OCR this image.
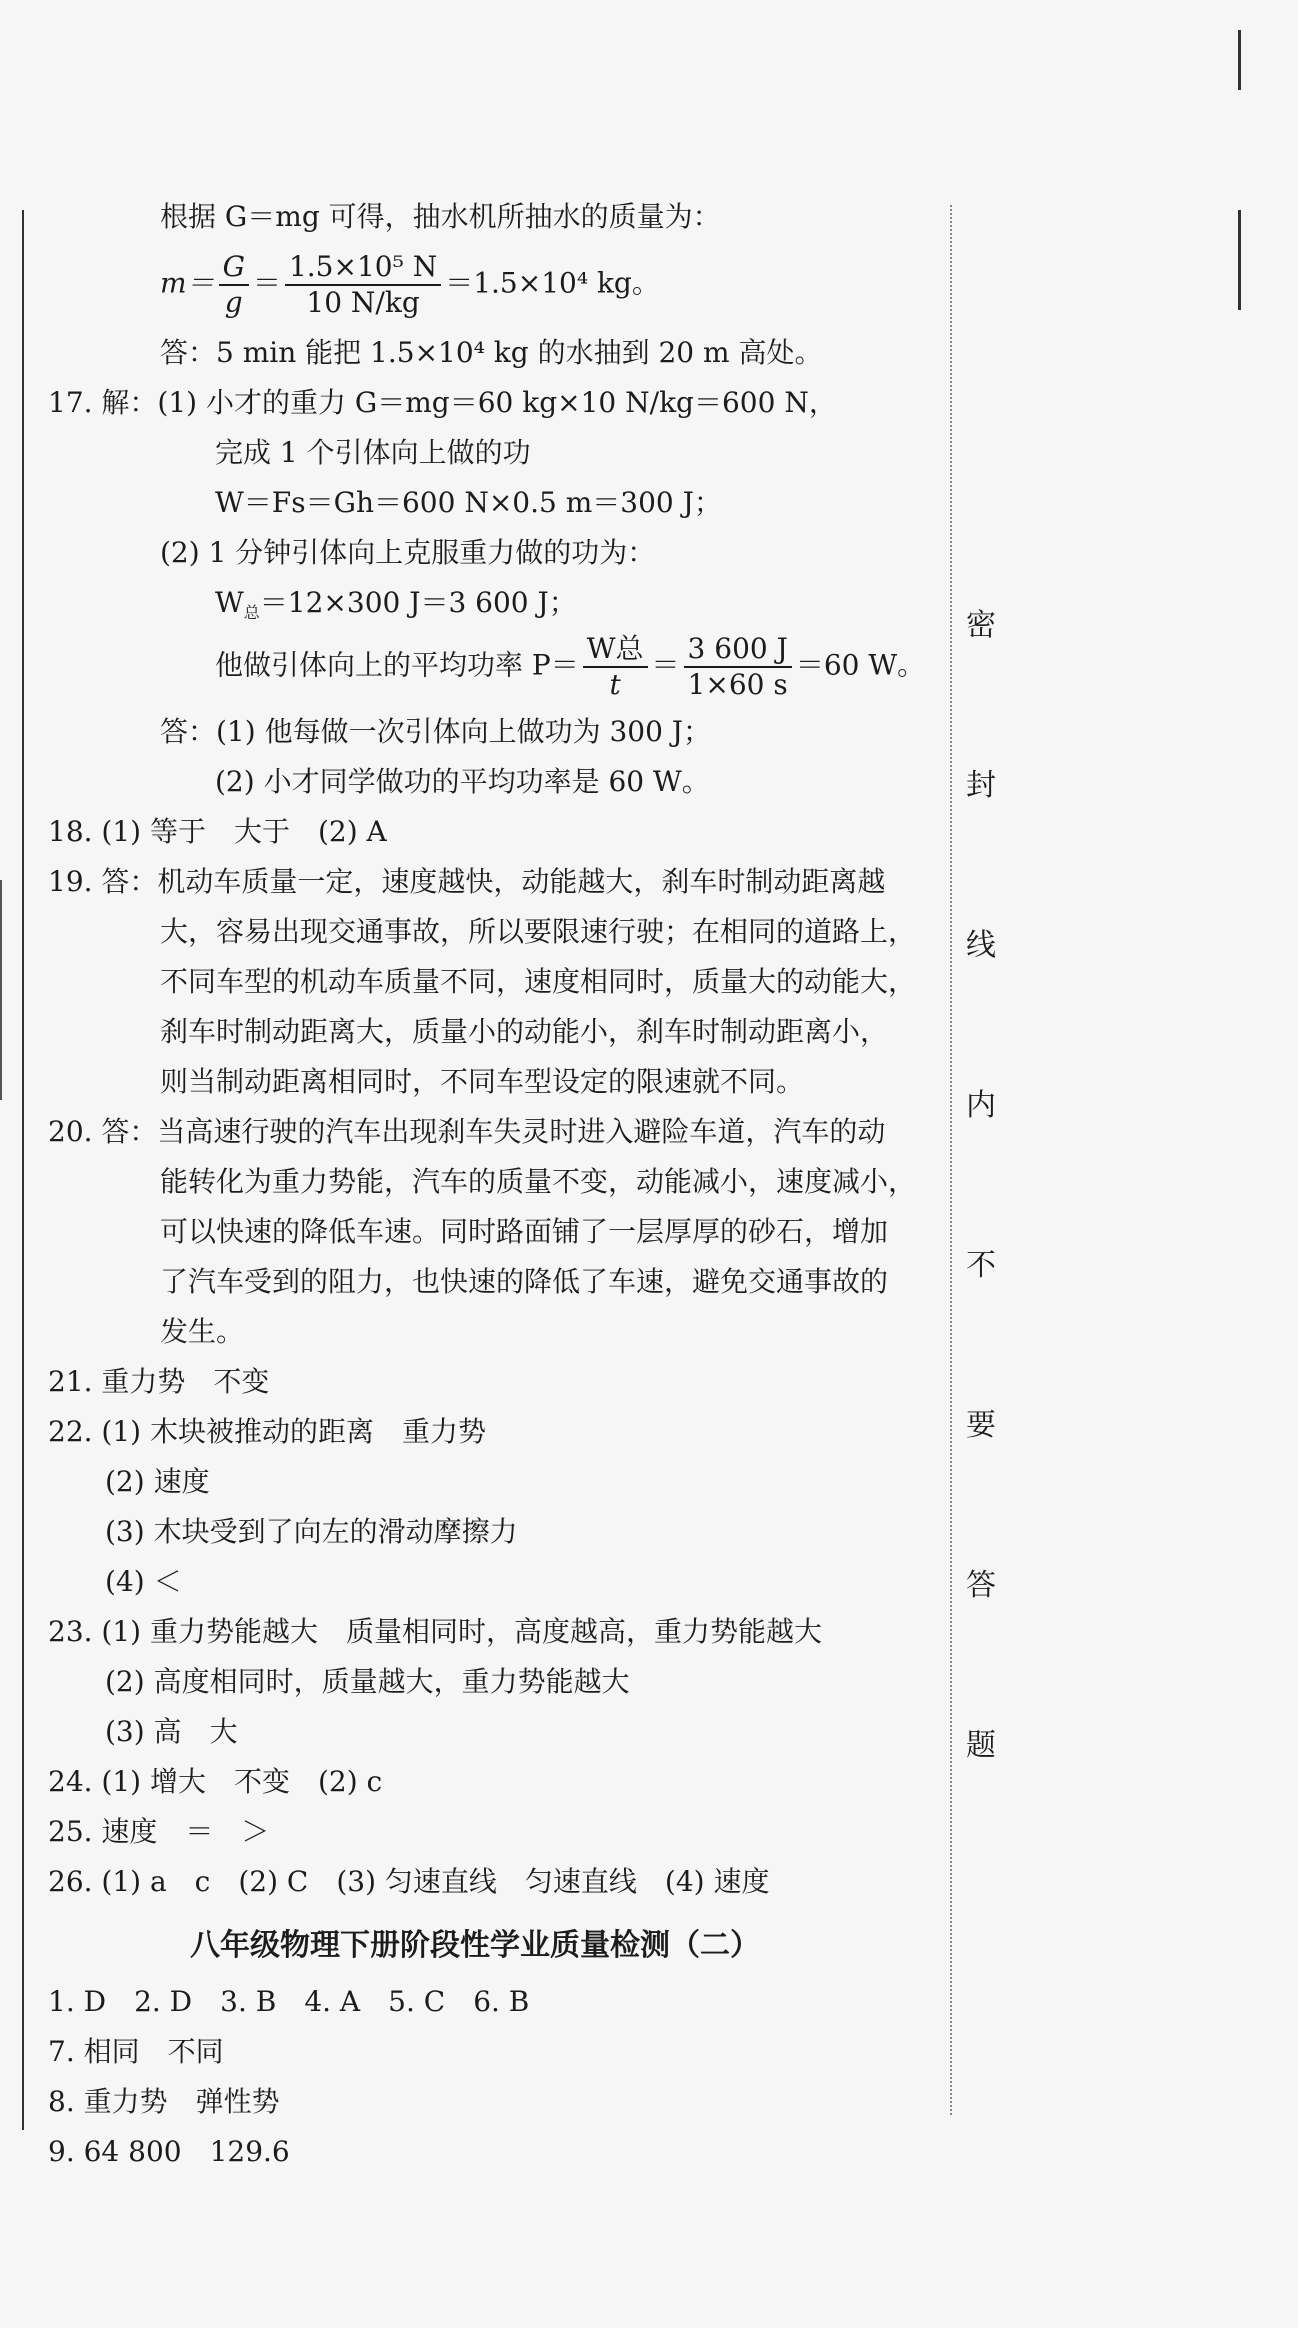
根据 G＝mg 可得，抽水机所抽水的质量为：
$m= \frac{G}{g} = \frac{\text{1.5×10⁵ N}}{10 N/kg} =1.5\times 10^4$ kg。
答：5 min 能把 1.5×10⁴ kg 的水抽到 20 m 高处。
17. 解：(1) 小才的重力 G＝mg＝60 kg×10 N/kg＝600 N，
完成 1 个引体向上做的功
W＝Fs＝Gh＝600 N×0.5 m＝300 J；
(2) 1 分钟引体向上克服重力做的功为：
$W_总=12\times 300$ J＝3 600 J；
他做引体向上的平均功率 $P= \frac{\text{W总}}{t} = \frac{3 600 J}{1\times 60 s} =60$ W。
答：(1) 他每做一次引体向上做功为 300 J；
(2) 小才同学做功的平均功率是 60 W。
18. (1) 等于　大于　(2) A
19. 答：机动车质量一定，速度越快，动能越大，刹车时制动距离越
大，容易出现交通事故，所以要限速行驶；在相同的道路上，
不同车型的机动车质量不同，速度相同时，质量大的动能大，
刹车时制动距离大，质量小的动能小，刹车时制动距离小，
则当制动距离相同时，不同车型设定的限速就不同。
20. 答：当高速行驶的汽车出现刹车失灵时进入避险车道，汽车的动
能转化为重力势能，汽车的质量不变，动能减小，速度减小，
可以快速的降低车速。同时路面铺了一层厚厚的砂石，增加
了汽车受到的阻力，也快速的降低了车速，避免交通事故的
发生。
21. 重力势　不变
22. (1) 木块被推动的距离　重力势
(2) 速度
(3) 木块受到了向左的滑动摩擦力
(4) ＜
23. (1) 重力势能越大　质量相同时，高度越高，重力势能越大
(2) 高度相同时，质量越大，重力势能越大
(3) 高　大
24. (1) 增大　不变　(2) c
25. 速度　＝　＞
26. (1) a　c　(2) C　(3) 匀速直线　匀速直线　(4) 速度
八年级物理下册阶段性学业质量检测（二）
1. D　2. D　3. B　4. A　5. C　6. B
7. 相同　不同
8. 重力势　弹性势
9. 64 800　129.6
密
封
线
内
不
要
答
题
